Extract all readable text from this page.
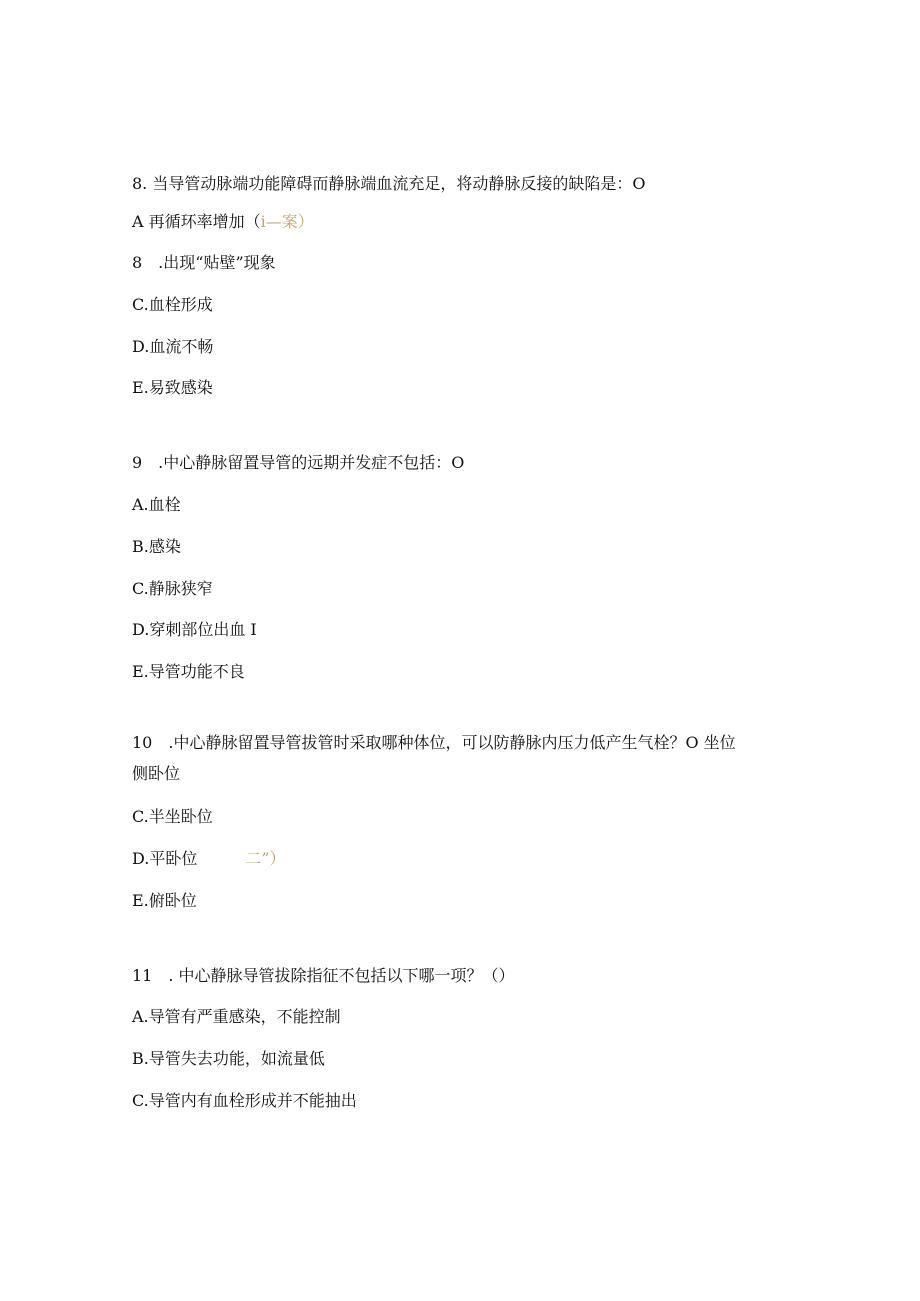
8. 当导管动脉端功能障碍而静脉端血流充足，将动静脉反接的缺陷是：O
A 再循环率增加（i—案）
8　.出现“贴壁”现象
C.血栓形成
D.血流不畅
E.易致感染
9　.中心静脉留置导管的远期并发症不包括：O
A.血栓
B.感染
C.静脉狭窄
D.穿刺部位出血 I
E.导管功能不良
10　.中心静脉留置导管拔管时采取哪种体位，可以防静脉内压力低产生气栓？O 坐位
侧卧位
C.半坐卧位
D.平卧位	二”）
E.俯卧位
11　. 中心静脉导管拔除指征不包括以下哪一项？（）
A.导管有严重感染，不能控制
B.导管失去功能，如流量低
C.导管内有血栓形成并不能抽出
